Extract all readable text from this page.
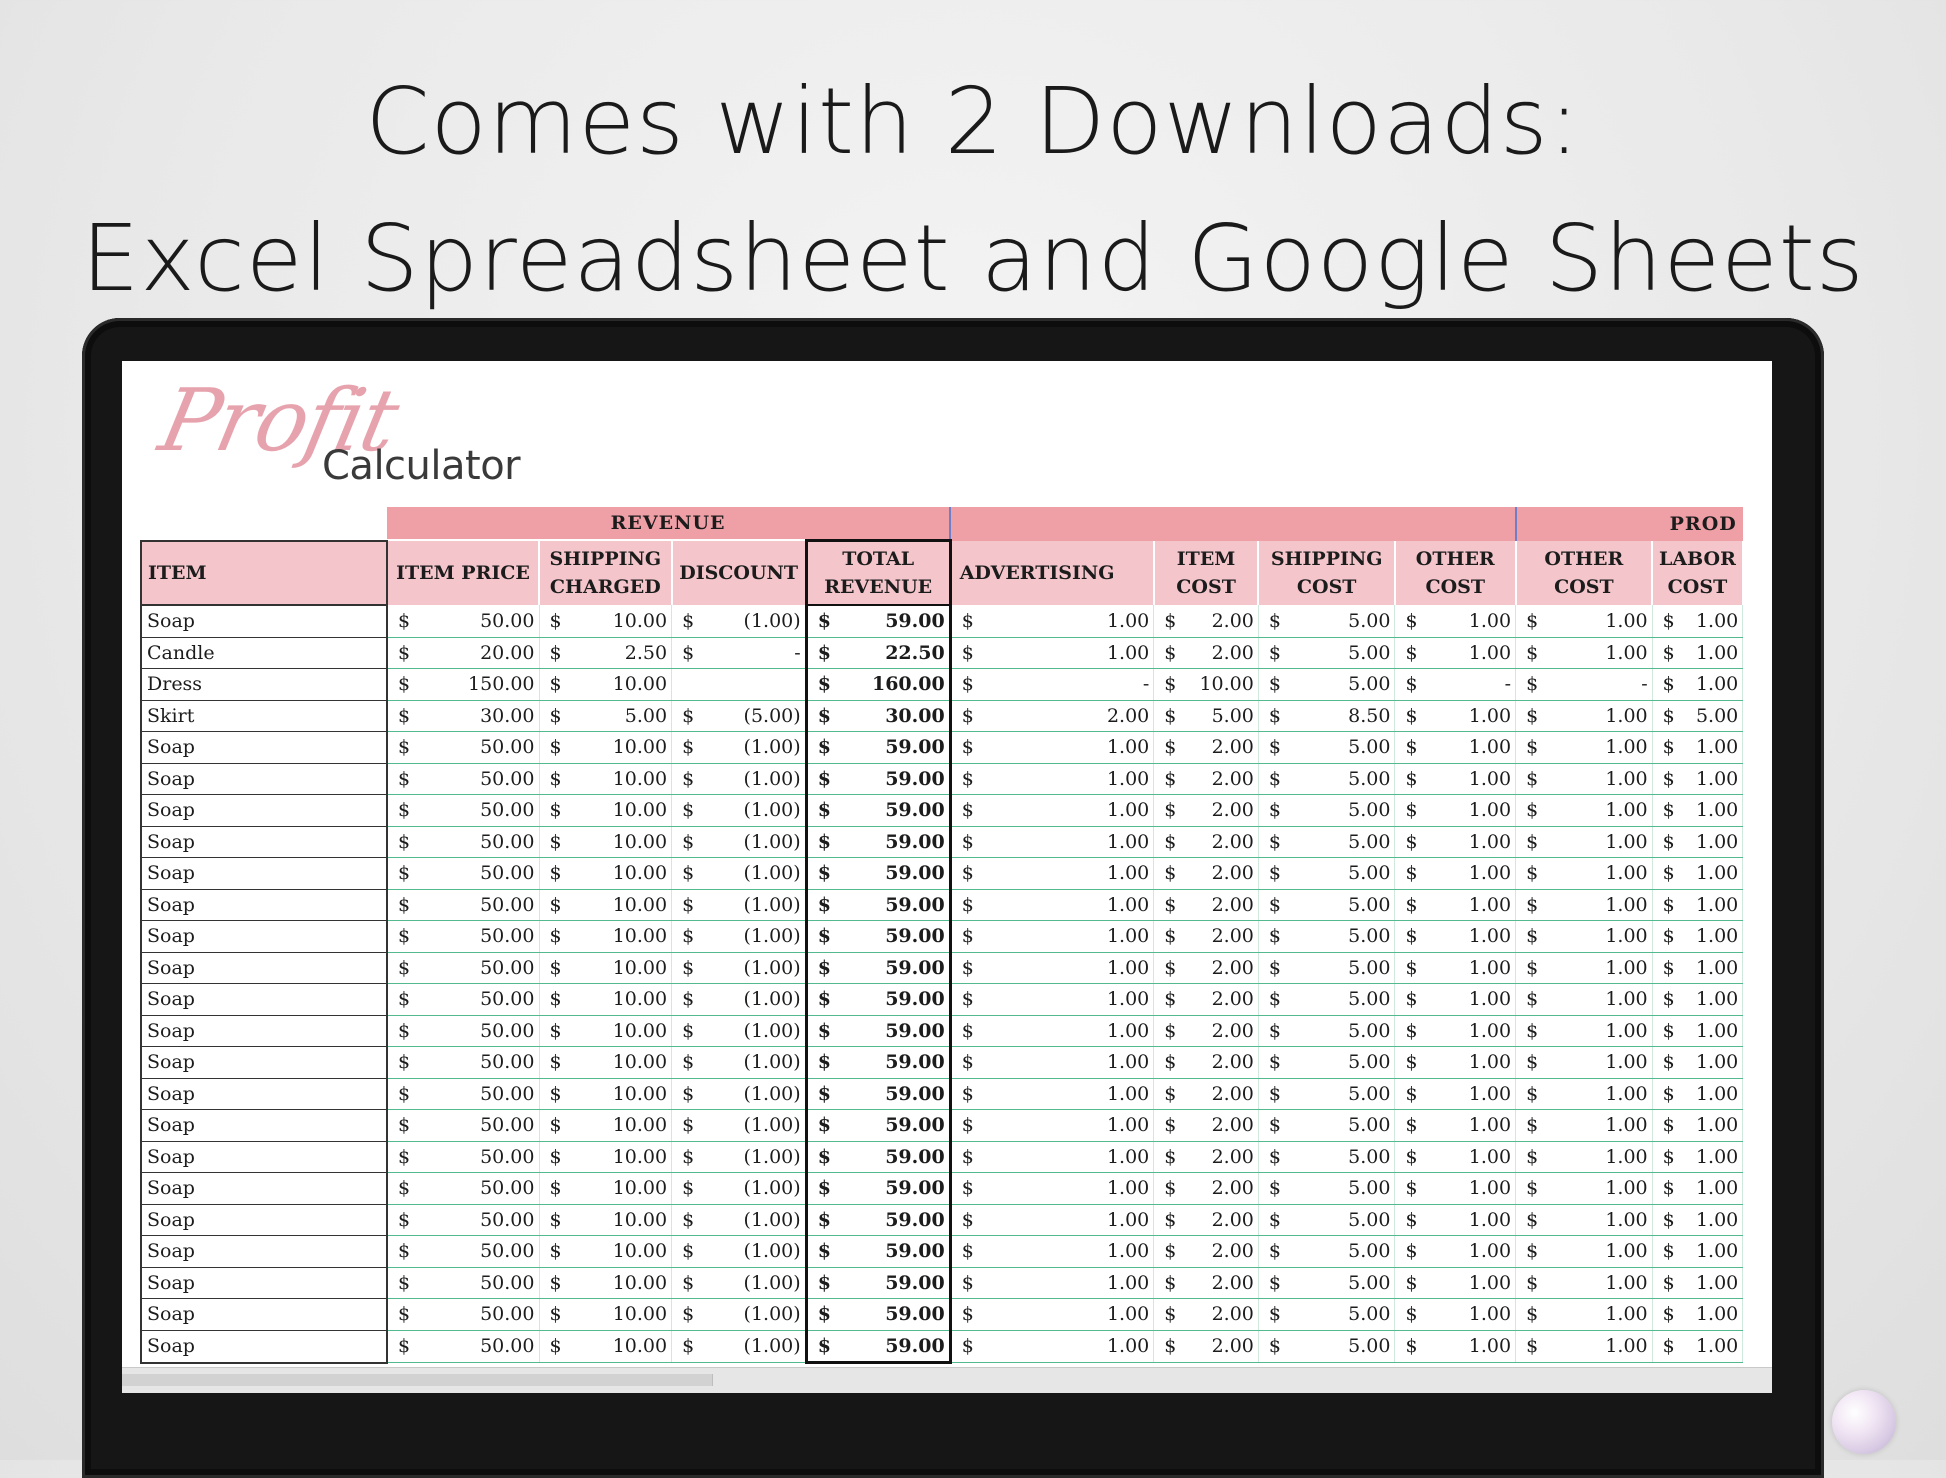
Comes with 2 Downloads:
Excel Spreadsheet and Google Sheets
Profit
Calculator
	REVENUE																PROD			
ITEM	ITEM PRICE		SHIPPING CHARGED		DISCOUNT		TOTAL REVENUE		ADVERTISING		ITEM COST		SHIPPING COST		OTHER COST		OTHER COST		LABOR COST	
Soap	$	50.00	$	10.00	$	(1.00)	$	59.00	$	1.00	$	2.00	$	5.00	$	1.00	$	1.00	$	1.00
Candle	$	20.00	$	2.50	$	-	$	22.50	$	1.00	$	2.00	$	5.00	$	1.00	$	1.00	$	1.00
Dress	$	150.00	$	10.00			$	160.00	$	-	$	10.00	$	5.00	$	-	$	-	$	1.00
Skirt	$	30.00	$	5.00	$	(5.00)	$	30.00	$	2.00	$	5.00	$	8.50	$	1.00	$	1.00	$	5.00
Soap	$	50.00	$	10.00	$	(1.00)	$	59.00	$	1.00	$	2.00	$	5.00	$	1.00	$	1.00	$	1.00
Soap	$	50.00	$	10.00	$	(1.00)	$	59.00	$	1.00	$	2.00	$	5.00	$	1.00	$	1.00	$	1.00
Soap	$	50.00	$	10.00	$	(1.00)	$	59.00	$	1.00	$	2.00	$	5.00	$	1.00	$	1.00	$	1.00
Soap	$	50.00	$	10.00	$	(1.00)	$	59.00	$	1.00	$	2.00	$	5.00	$	1.00	$	1.00	$	1.00
Soap	$	50.00	$	10.00	$	(1.00)	$	59.00	$	1.00	$	2.00	$	5.00	$	1.00	$	1.00	$	1.00
Soap	$	50.00	$	10.00	$	(1.00)	$	59.00	$	1.00	$	2.00	$	5.00	$	1.00	$	1.00	$	1.00
Soap	$	50.00	$	10.00	$	(1.00)	$	59.00	$	1.00	$	2.00	$	5.00	$	1.00	$	1.00	$	1.00
Soap	$	50.00	$	10.00	$	(1.00)	$	59.00	$	1.00	$	2.00	$	5.00	$	1.00	$	1.00	$	1.00
Soap	$	50.00	$	10.00	$	(1.00)	$	59.00	$	1.00	$	2.00	$	5.00	$	1.00	$	1.00	$	1.00
Soap	$	50.00	$	10.00	$	(1.00)	$	59.00	$	1.00	$	2.00	$	5.00	$	1.00	$	1.00	$	1.00
Soap	$	50.00	$	10.00	$	(1.00)	$	59.00	$	1.00	$	2.00	$	5.00	$	1.00	$	1.00	$	1.00
Soap	$	50.00	$	10.00	$	(1.00)	$	59.00	$	1.00	$	2.00	$	5.00	$	1.00	$	1.00	$	1.00
Soap	$	50.00	$	10.00	$	(1.00)	$	59.00	$	1.00	$	2.00	$	5.00	$	1.00	$	1.00	$	1.00
Soap	$	50.00	$	10.00	$	(1.00)	$	59.00	$	1.00	$	2.00	$	5.00	$	1.00	$	1.00	$	1.00
Soap	$	50.00	$	10.00	$	(1.00)	$	59.00	$	1.00	$	2.00	$	5.00	$	1.00	$	1.00	$	1.00
Soap	$	50.00	$	10.00	$	(1.00)	$	59.00	$	1.00	$	2.00	$	5.00	$	1.00	$	1.00	$	1.00
Soap	$	50.00	$	10.00	$	(1.00)	$	59.00	$	1.00	$	2.00	$	5.00	$	1.00	$	1.00	$	1.00
Soap	$	50.00	$	10.00	$	(1.00)	$	59.00	$	1.00	$	2.00	$	5.00	$	1.00	$	1.00	$	1.00
Soap	$	50.00	$	10.00	$	(1.00)	$	59.00	$	1.00	$	2.00	$	5.00	$	1.00	$	1.00	$	1.00
Soap	$	50.00	$	10.00	$	(1.00)	$	59.00	$	1.00	$	2.00	$	5.00	$	1.00	$	1.00	$	1.00
